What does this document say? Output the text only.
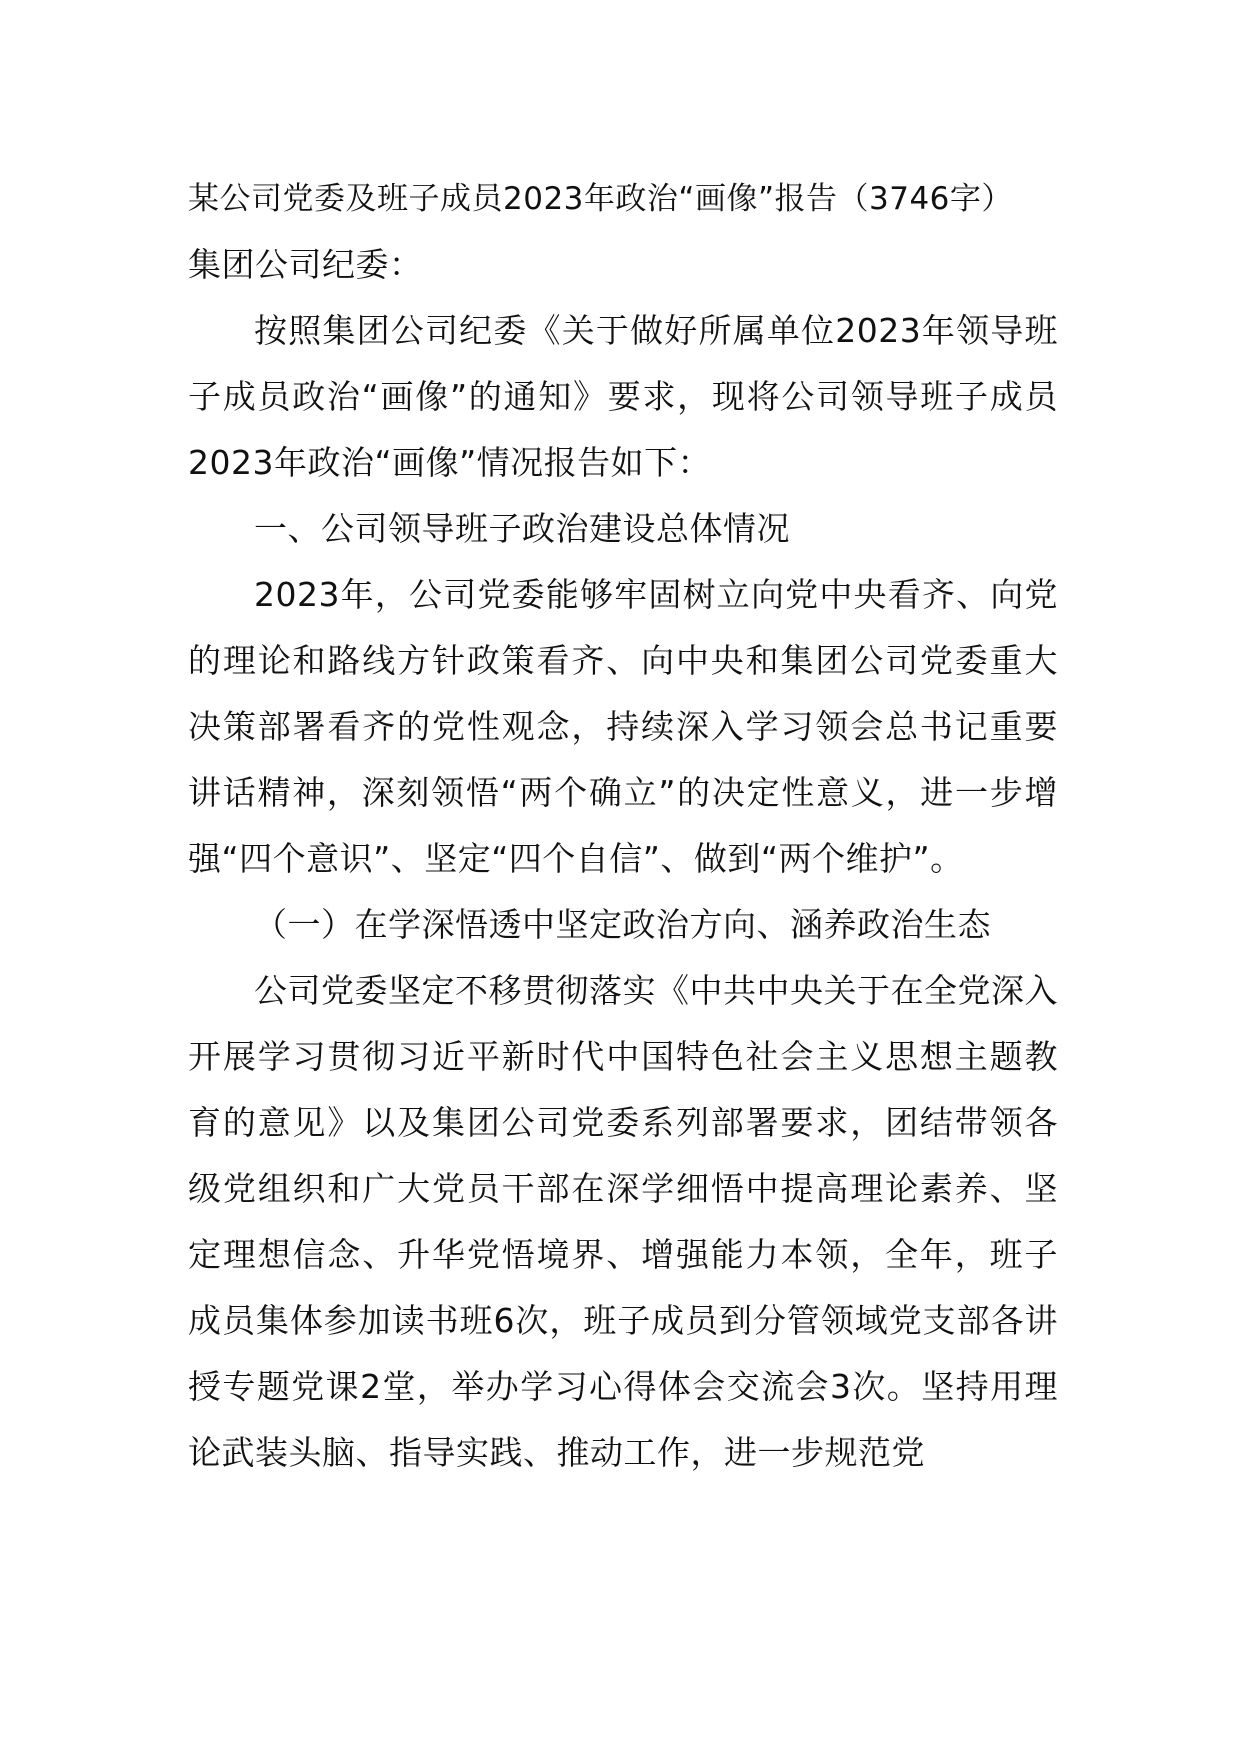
某公司党委及班子成员2023年政治“画像”报告（3746字）

集团公司纪委：

按照集团公司纪委《关于做好所属单位2023年领导班子成员政治“画像”的通知》要求，现将公司领导班子成员2023年政治“画像”情况报告如下：

一、公司领导班子政治建设总体情况

2023年，公司党委能够牢固树立向党中央看齐、向党的理论和路线方针政策看齐、向中央和集团公司党委重大决策部署看齐的党性观念，持续深入学习领会总书记重要讲话精神，深刻领悟“两个确立”的决定性意义，进一步增强“四个意识”、坚定“四个自信”、做到“两个维护”。

（一）在学深悟透中坚定政治方向、涵养政治生态

公司党委坚定不移贯彻落实《中共中央关于在全党深入开展学习贯彻习近平新时代中国特色社会主义思想主题教育的意见》以及集团公司党委系列部署要求，团结带领各级党组织和广大党员干部在深学细悟中提高理论素养、坚定理想信念、升华党悟境界、增强能力本领，全年，班子成员集体参加读书班6次，班子成员到分管领域党支部各讲授专题党课2堂，举办学习心得体会交流会3次。坚持用理论武装头脑、指导实践、推动工作，进一步规范党
